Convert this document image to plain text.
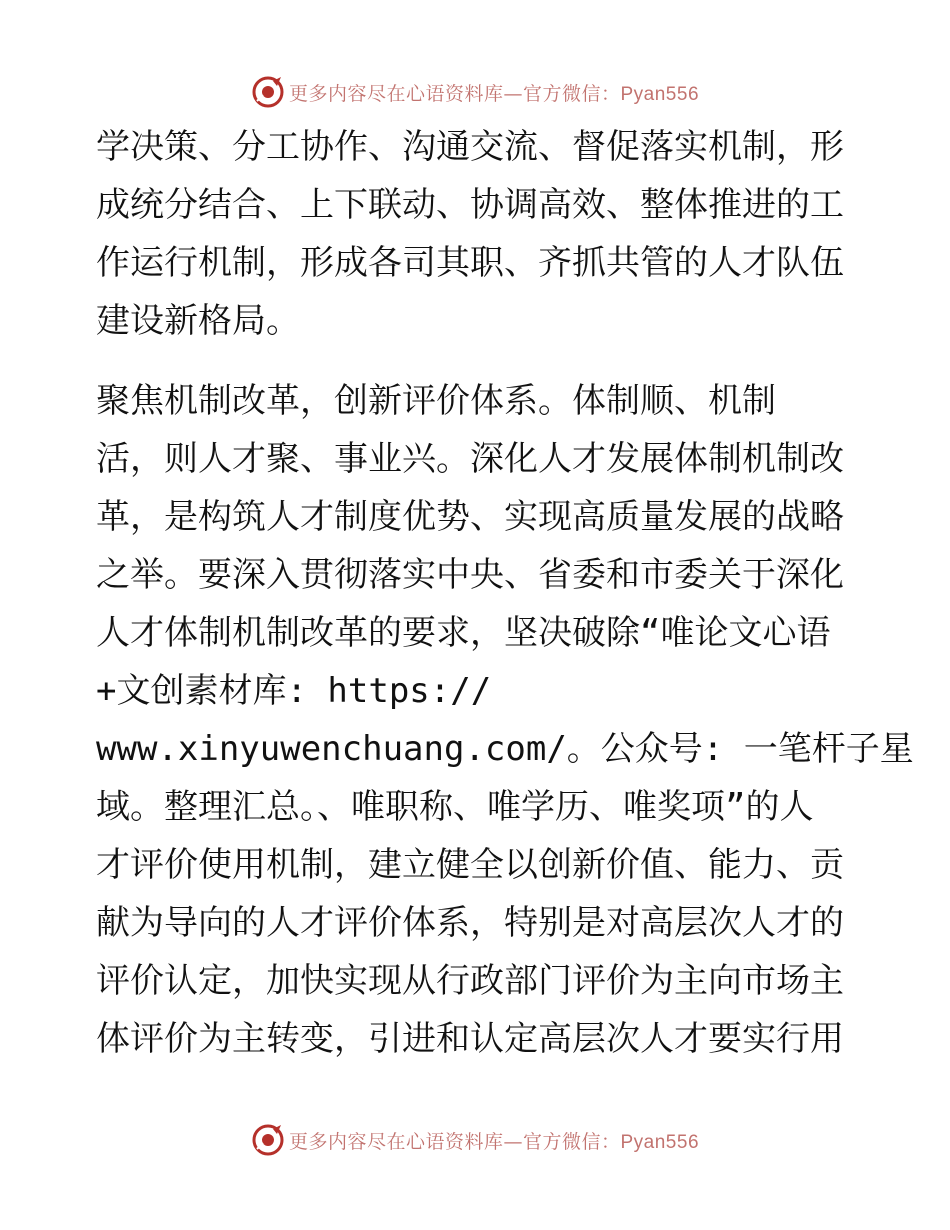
更多内容尽在心语资料库—官方微信：Pyan556
学决策、分工协作、沟通交流、督促落实机制，形
成统分结合、上下联动、协调高效、整体推进的工
作运行机制，形成各司其职、齐抓共管的人才队伍
建设新格局。
聚焦机制改革，创新评价体系。体制顺、机制
活，则人才聚、事业兴。深化人才发展体制机制改
革，是构筑人才制度优势、实现高质量发展的战略
之举。要深入贯彻落实中央、省委和市委关于深化
人才体制机制改革的要求，坚决破除“唯论文心语
+文创素材库: https://
www.xinyuwenchuang.com/。公众号: 一笔杆子星
域。整理汇总。、唯职称、唯学历、唯奖项”的人
才评价使用机制，建立健全以创新价值、能力、贡
献为导向的人才评价体系，特别是对高层次人才的
评价认定，加快实现从行政部门评价为主向市场主
体评价为主转变，引进和认定高层次人才要实行用
更多内容尽在心语资料库—官方微信：Pyan556
